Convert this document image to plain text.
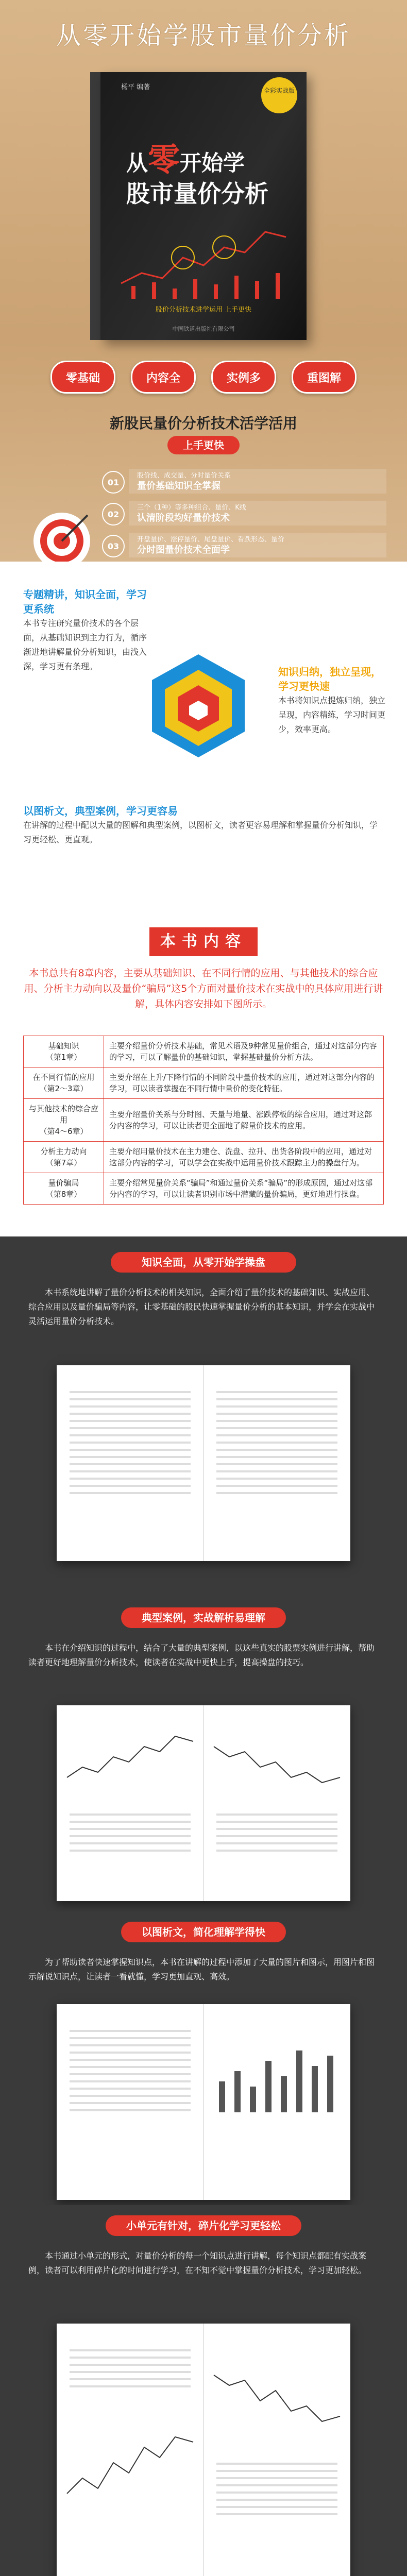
从零开始学股市量价分析
杨平 编著	全彩实战版
从零开始学
股市量价分析
股价分析技术进学运用 上手更快
中国铁道出版社有限公司
零基础	内容全	实例多	重图解
新股民量价分析技术活学活用
上手更快
01
股价线、成交量、分时量价关系
量价基础知识全掌握
02
三个（1种）等多种组合、量价、K线
认清阶段均好量价技术
03
开盘量价、涨停量价、尾盘量价、看跌形态、量价
分时图量价技术全面学
专题精讲，知识全面，学习更系统
本书专注研究量价技术的各个层面，从基础知识到主力行为，循序渐进地讲解量价分析知识，由浅入深，学习更有条理。	知识归纳，独立呈现，学习更快速
本书将知识点提炼归纳，独立呈现，内容精练，学习时间更少，效率更高。
以图析文，典型案例，学习更容易
在讲解的过程中配以大量的图解和典型案例，以图析文，读者更容易理解和掌握量价分析知识，学习更轻松、更直观。
本书内容
本书总共有8章内容，主要从基础知识、在不同行情的应用、与其他技术的综合应用、分析主力动向以及量价“骗局”这5个方面对量价技术在实战中的具体应用进行讲解，具体内容安排如下图所示。
基础知识
（第1章）	主要介绍量价分析技术基础，常见术语及9种常见量价组合，通过对这部分内容的学习，可以了解量价的基础知识，掌握基础量价分析方法。

在不同行情的应用
（第2～3章）	主要介绍在上升/下降行情的不同阶段中量价技术的应用，通过对这部分内容的学习，可以读者掌握在不同行情中量价的变化特征。

与其他技术的综合应用
（第4～6章）	主要介绍量价关系与分时图、天量与地量、涨跌停板的综合应用，通过对这部分内容的学习，可以让读者更全面地了解量价技术的应用。

分析主力动向
（第7章）	主要介绍用量价技术在主力建仓、洗盘、拉升、出货各阶段中的应用，通过对这部分内容的学习，可以学会在实战中运用量价技术跟踪主力的操盘行为。

量价骗局
（第8章）	主要介绍常见量价关系“骗局”和通过量价关系“骗局”的形成原因，通过对这部分内容的学习，可以让读者识别市场中潜藏的量价骗局，更好地进行操盘。
知识全面，从零开始学操盘
本书系统地讲解了量价分析技术的相关知识，全面介绍了量价技术的基础知识、实战应用、综合应用以及量价骗局等内容，让零基础的股民快速掌握量价分析的基本知识，并学会在实战中灵活运用量价分析技术。
典型案例，实战解析易理解
本书在介绍知识的过程中，结合了大量的典型案例，以这些真实的股票实例进行讲解，帮助读者更好地理解量价分析技术，使读者在实战中更快上手，提高操盘的技巧。
以图析文，简化理解学得快
为了帮助读者快速掌握知识点，本书在讲解的过程中添加了大量的图片和图示，用图片和图示解说知识点，让读者一看就懂，学习更加直观、高效。
小单元有针对，碎片化学习更轻松
本书通过小单元的形式，对量价分析的每一个知识点进行讲解，每个知识点都配有实战案例，读者可以利用碎片化的时间进行学习，在不知不觉中掌握量价分析技术，学习更加轻松。
